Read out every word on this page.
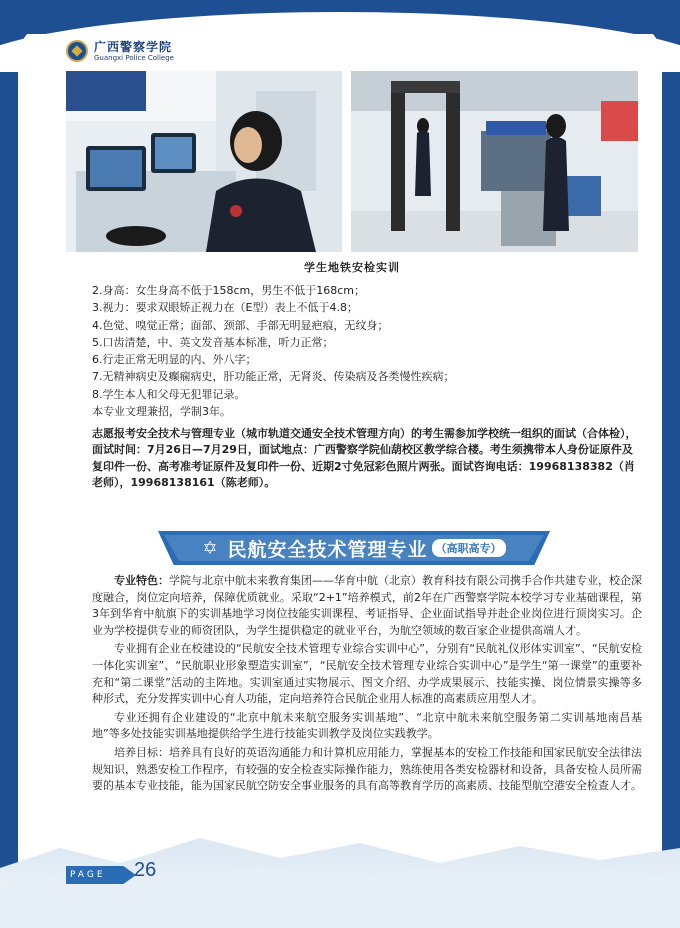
广西警察学院
Guangxi Police College
学生地铁安检实训
2.身高：女生身高不低于158cm，男生不低于168cm；
3.视力：要求双眼矫正视力在（E型）表上不低于4.8；
4.色觉、嗅觉正常；面部、颈部、手部无明显疤痕，无纹身；
5.口齿清楚，中、英文发音基本标准，听力正常；
6.行走正常无明显的内、外八字；
7.无精神病史及癫痫病史，肝功能正常，无肾炎、传染病及各类慢性疾病；
8.学生本人和父母无犯罪记录。
本专业文理兼招，学制3年。
志愿报考安全技术与管理专业（城市轨道交通安全技术管理方向）的考生需参加学校统一组织的面试（合体检），面试时间：7月26日—7月29日，面试地点：广西警察学院仙葫校区教学综合楼。考生须携带本人身份证原件及复印件一份、高考准考证原件及复印件一份、近期2寸免冠彩色照片两张。面试咨询电话：19968138382（肖老师），19968138161（陈老师）。
✡ 民航安全技术管理专业 （高职高专）

专业特色：学院与北京中航未来教育集团——华育中航（北京）教育科技有限公司携手合作共建专业，校企深度融合，岗位定向培养，保障优质就业。采取“2+1”培养模式，前2年在广西警察学院本校学习专业基础课程，第3年到华育中航旗下的实训基地学习岗位技能实训课程、考证指导、企业面试指导并赴企业岗位进行顶岗实习。企业为学校提供专业的师资团队，为学生提供稳定的就业平台，为航空领域的数百家企业提供高端人才。

专业拥有企业在校建设的“民航安全技术管理专业综合实训中心”，分别有“民航礼仪形体实训室”、“民航安检一体化实训室”、“民航职业形象塑造实训室”，“民航安全技术管理专业综合实训中心”是学生“第一课堂”的重要补充和“第二课堂”活动的主阵地。实训室通过实物展示、图文介绍、办学成果展示、技能实操、岗位情景实操等多种形式，充分发挥实训中心育人功能，定向培养符合民航企业用人标准的高素质应用型人才。

专业还拥有企业建设的“北京中航未来航空服务实训基地”、“北京中航未来航空服务第二实训基地南昌基地”等多处技能实训基地提供给学生进行技能实训教学及岗位实践教学。

培养目标：培养具有良好的英语沟通能力和计算机应用能力，掌握基本的安检工作技能和国家民航安全法律法规知识，熟悉安检工作程序，有较强的安全检查实际操作能力，熟练使用各类安检器材和设备，具备安检人员所需要的基本专业技能，能为国家民航空防安全事业服务的具有高等教育学历的高素质、技能型航空港安全检查人才。

PAGE 26
